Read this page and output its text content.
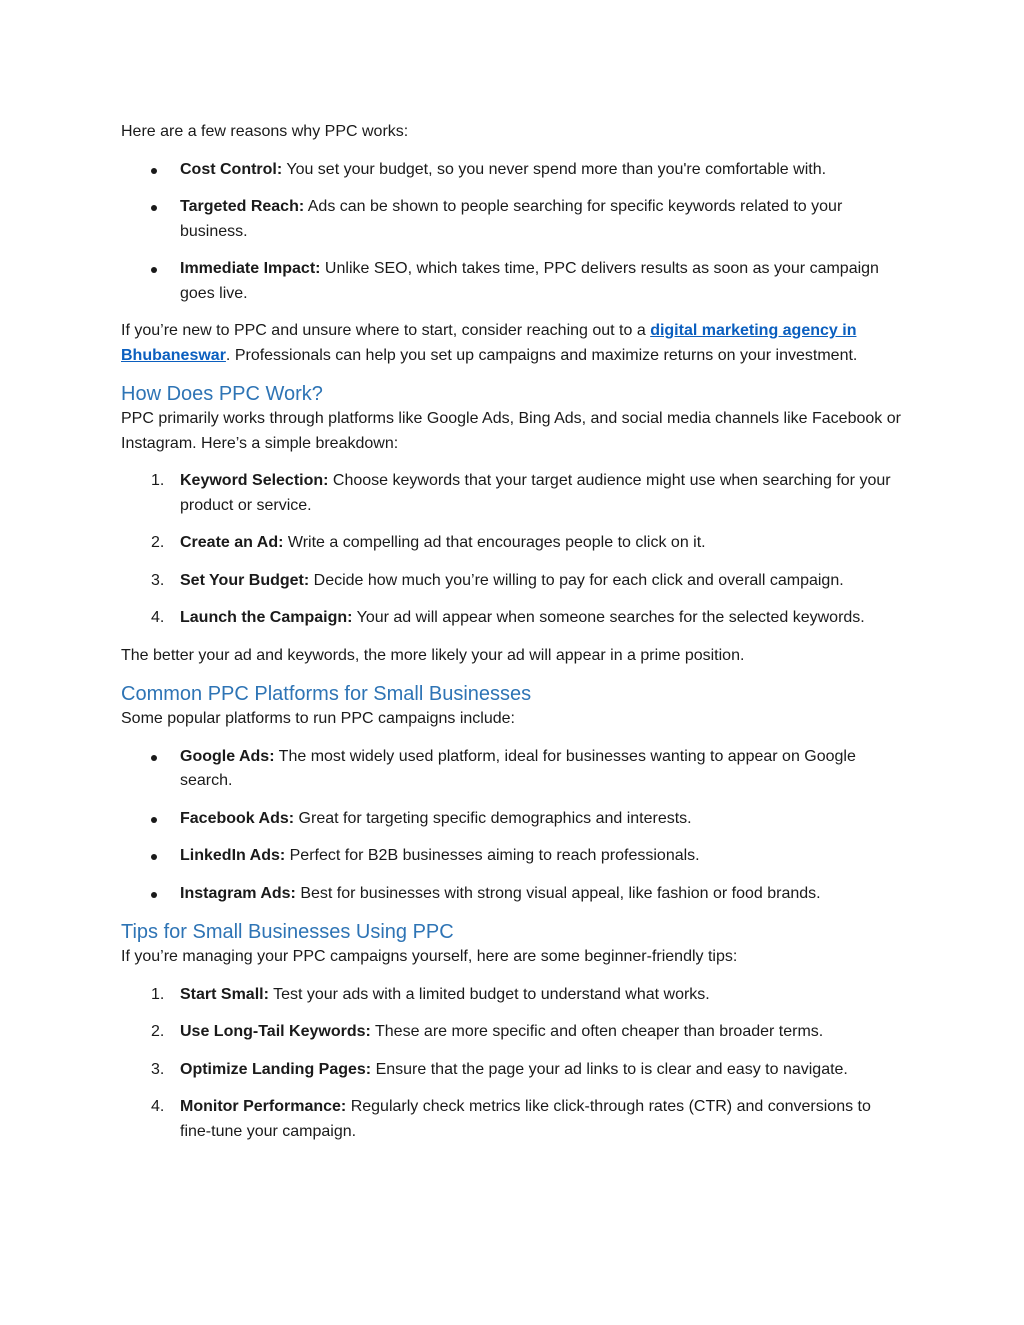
Here are a few reasons why PPC works:

Cost Control: You set your budget, so you never spend more than you're comfortable with.
Targeted Reach: Ads can be shown to people searching for specific keywords related to your business.
Immediate Impact: Unlike SEO, which takes time, PPC delivers results as soon as your campaign goes live.

If you’re new to PPC and unsure where to start, consider reaching out to a digital marketing agency in Bhubaneswar. Professionals can help you set up campaigns and maximize returns on your investment.

How Does PPC Work?

PPC primarily works through platforms like Google Ads, Bing Ads, and social media channels like Facebook or Instagram. Here’s a simple breakdown:

1. Keyword Selection: Choose keywords that your target audience might use when searching for your product or service.
2. Create an Ad: Write a compelling ad that encourages people to click on it.
3. Set Your Budget: Decide how much you’re willing to pay for each click and overall campaign.
4. Launch the Campaign: Your ad will appear when someone searches for the selected keywords.

The better your ad and keywords, the more likely your ad will appear in a prime position.

Common PPC Platforms for Small Businesses

Some popular platforms to run PPC campaigns include:

Google Ads: The most widely used platform, ideal for businesses wanting to appear on Google search.
Facebook Ads: Great for targeting specific demographics and interests.
LinkedIn Ads: Perfect for B2B businesses aiming to reach professionals.
Instagram Ads: Best for businesses with strong visual appeal, like fashion or food brands.
Tips for Small Businesses Using PPC

If you’re managing your PPC campaigns yourself, here are some beginner-friendly tips:

1. Start Small: Test your ads with a limited budget to understand what works.
2. Use Long-Tail Keywords: These are more specific and often cheaper than broader terms.
3. Optimize Landing Pages: Ensure that the page your ad links to is clear and easy to navigate.
4. Monitor Performance: Regularly check metrics like click-through rates (CTR) and conversions to fine-tune your campaign.
